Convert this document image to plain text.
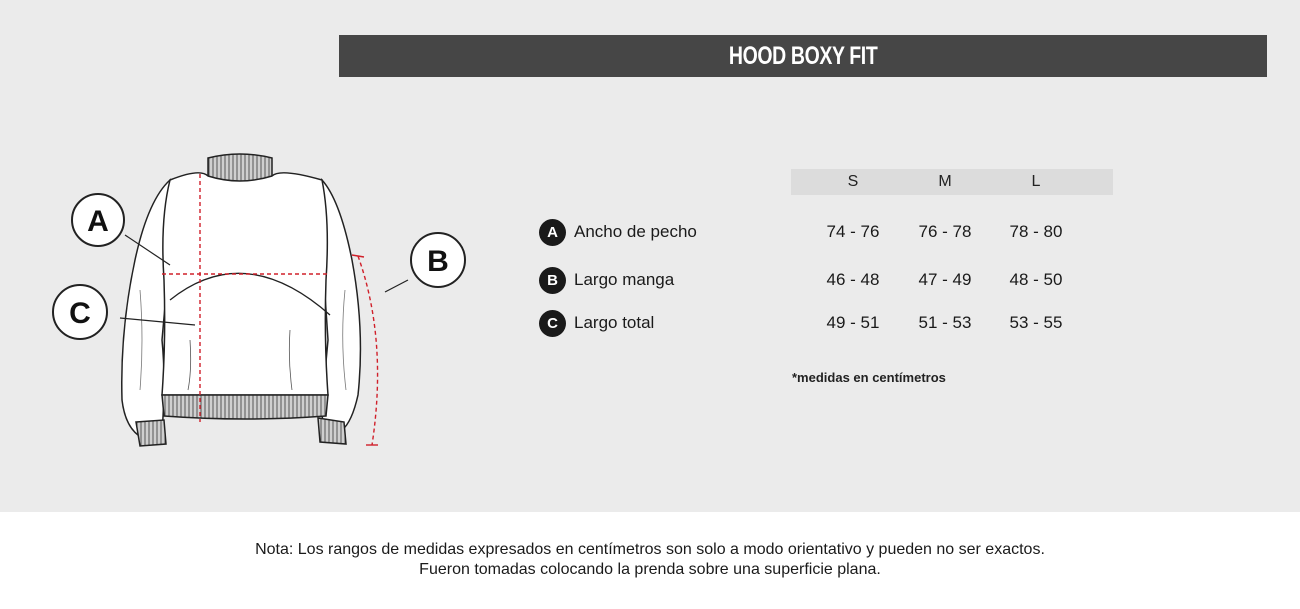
HOOD BOXY FIT
A
B
C
S	M	L
A Ancho de pecho	74 - 76	76 - 78	78 - 80
B Largo manga	46 - 48	47 - 49	48 - 50
C Largo total	49 - 51	51 - 53	53 - 55
*medidas en centímetros
Nota: Los rangos de medidas expresados en centímetros son solo a modo orientativo y pueden no ser exactos.
Fueron tomadas colocando la prenda sobre una superficie plana.
